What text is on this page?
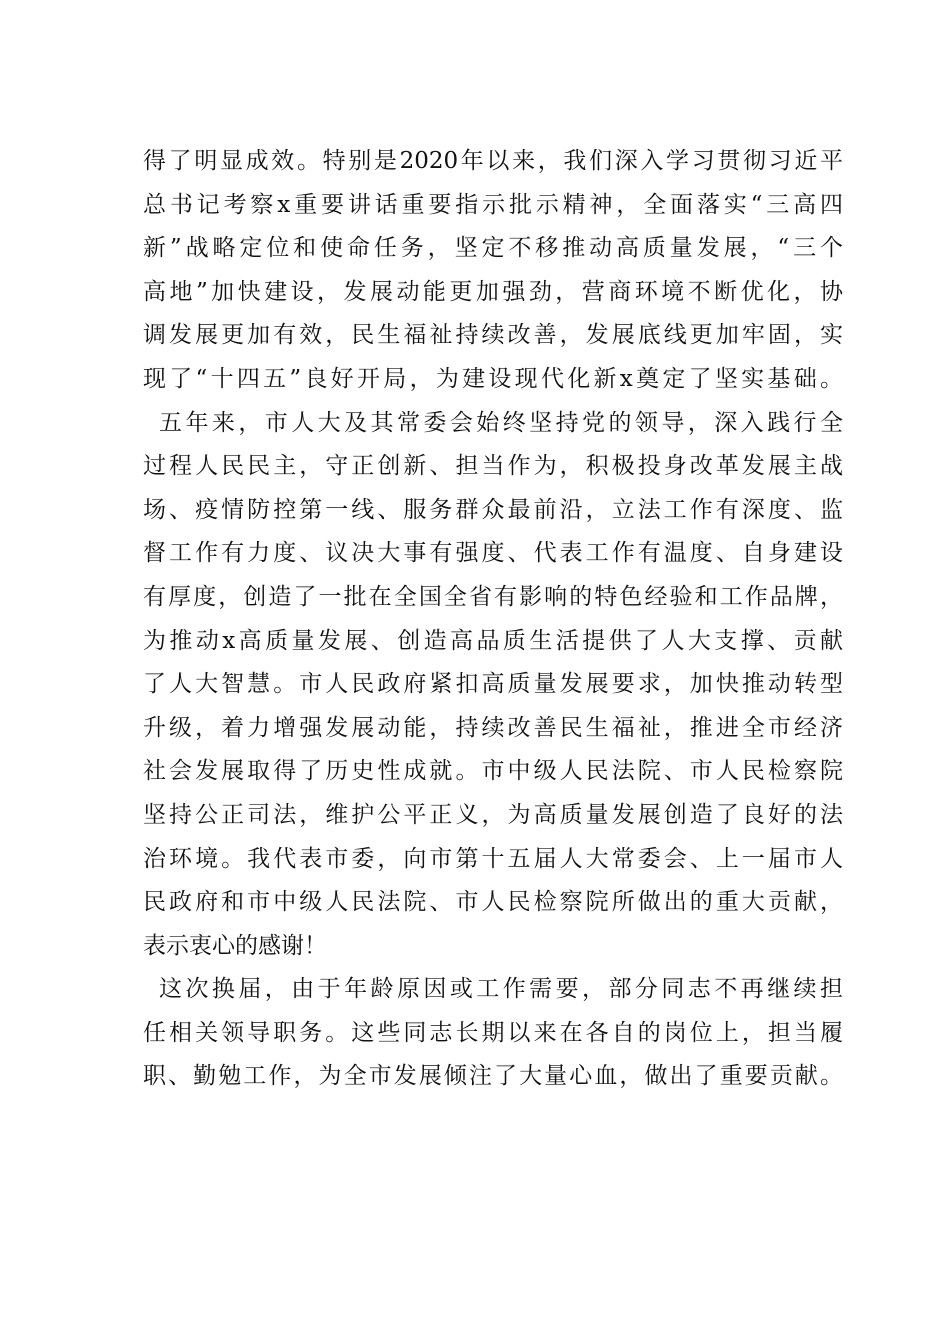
得了明显成效。特别是2020年以来，我们深入学习贯彻习近平
总书记考察x重要讲话重要指示批示精神，全面落实“三高四
新”战略定位和使命任务，坚定不移推动高质量发展，“三个
高地”加快建设，发展动能更加强劲，营商环境不断优化，协
调发展更加有效，民生福祉持续改善，发展底线更加牢固，实
现了“十四五”良好开局，为建设现代化新x奠定了坚实基础。
五年来，市人大及其常委会始终坚持党的领导，深入践行全
过程人民民主，守正创新、担当作为，积极投身改革发展主战
场、疫情防控第一线、服务群众最前沿，立法工作有深度、监
督工作有力度、议决大事有强度、代表工作有温度、自身建设
有厚度，创造了一批在全国全省有影响的特色经验和工作品牌，
为推动x高质量发展、创造高品质生活提供了人大支撑、贡献
了人大智慧。市人民政府紧扣高质量发展要求，加快推动转型
升级，着力增强发展动能，持续改善民生福祉，推进全市经济
社会发展取得了历史性成就。市中级人民法院、市人民检察院
坚持公正司法，维护公平正义，为高质量发展创造了良好的法
治环境。我代表市委，向市第十五届人大常委会、上一届市人
民政府和市中级人民法院、市人民检察院所做出的重大贡献，
表示衷心的感谢！
这次换届，由于年龄原因或工作需要，部分同志不再继续担
任相关领导职务。这些同志长期以来在各自的岗位上，担当履
职、勤勉工作，为全市发展倾注了大量心血，做出了重要贡献。
